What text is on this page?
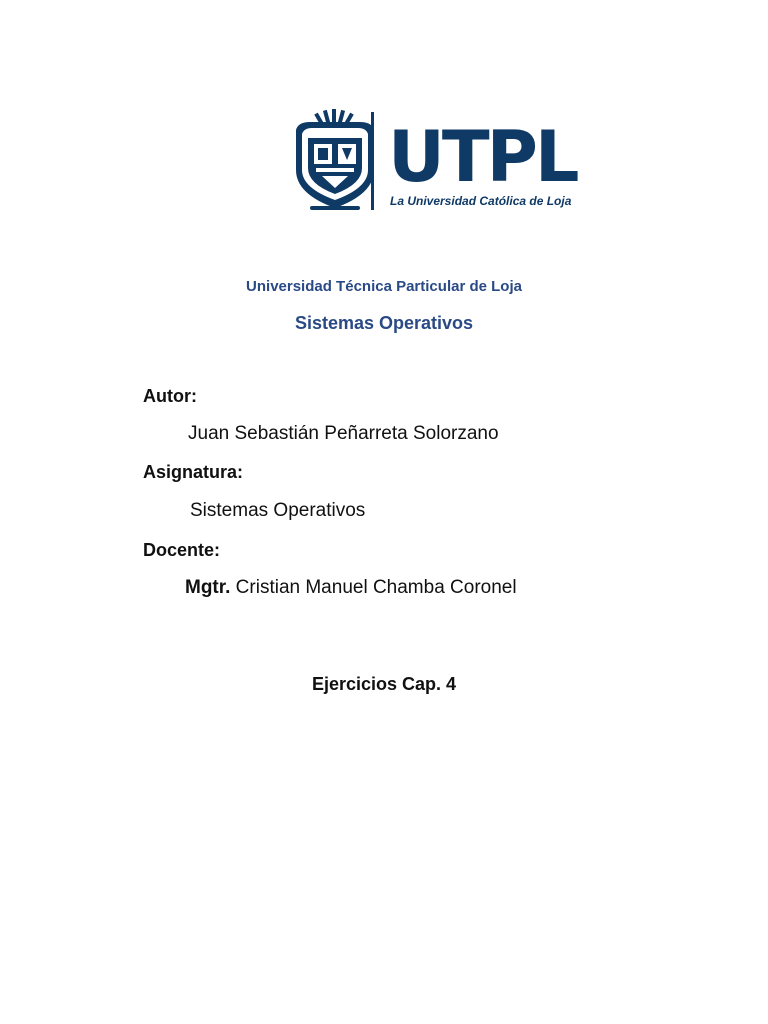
UTPL
La Universidad Católica de Loja
Universidad Técnica Particular de Loja
Sistemas Operativos
Autor:
Juan Sebastián Peñarreta Solorzano
Asignatura:
Sistemas Operativos
Docente:
Mgtr. Cristian Manuel Chamba Coronel
Ejercicios Cap. 4
